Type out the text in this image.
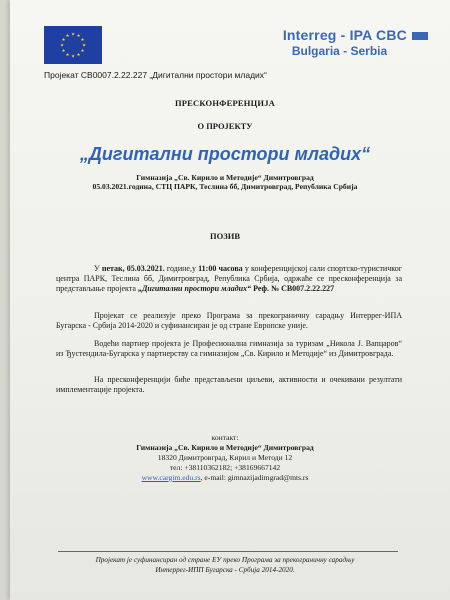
★ ★
★
★
★
★
★
★
★
★
★
★	Interreg - IPA CBC
Bulgaria - Serbia
Пројекат CB0007.2.22.227 „Дигитални простори младих“
ПРЕСКОНФЕРЕНЦИЈА
О ПРОЈЕКТУ
„Дигитални простори младих“
Гимназија „Св. Кирило и Методије“ Димитровград
05.03.2021.година, СТЦ ПАРК, Теслина бб, Димитровград, Република Србија
ПОЗИВ
У петак, 05.03.2021. године,у 11:00 часова у конференцијској сали спортско-туристичког центра ПАРК, Теслина бб, Димитровград, Република Србија, одржаће се пресконференција за представљање пројекта „Дигитални простори младих“ Реф. № CB007.2.22.227
Пројекат се реализује преко Програма за прекограничну сарадњу Интеррег-ИПА Бугарска - Србија 2014-2020 и суфинансиран је од стране Европске уније.
Водећи партнер пројекта је Професионална гимназија за туризам „Никола Ј. Вапцаров“ из Ђустендила-Бугарска у партнерству са гимназијом „Св. Кирило и Методије“ из Димитровграда.
На пресконференцији биће представљени циљеви, активности и очекивани резултати имплементације пројекта.
контакт:
Гимназија „Св. Кирило и Методије“ Димитровград
18320 Димитровград, Кирил и Методи 12
тел: +38110362182; +38169667142
www.cargim.edu.rs, e-mail: gimnazijadimgrad@mts.rs
Пројекат је суфинансиран од стране ЕУ преко Програма за прекограничну сарадњу
Интеррег-ИПП Бугарска - Србија 2014-2020.
